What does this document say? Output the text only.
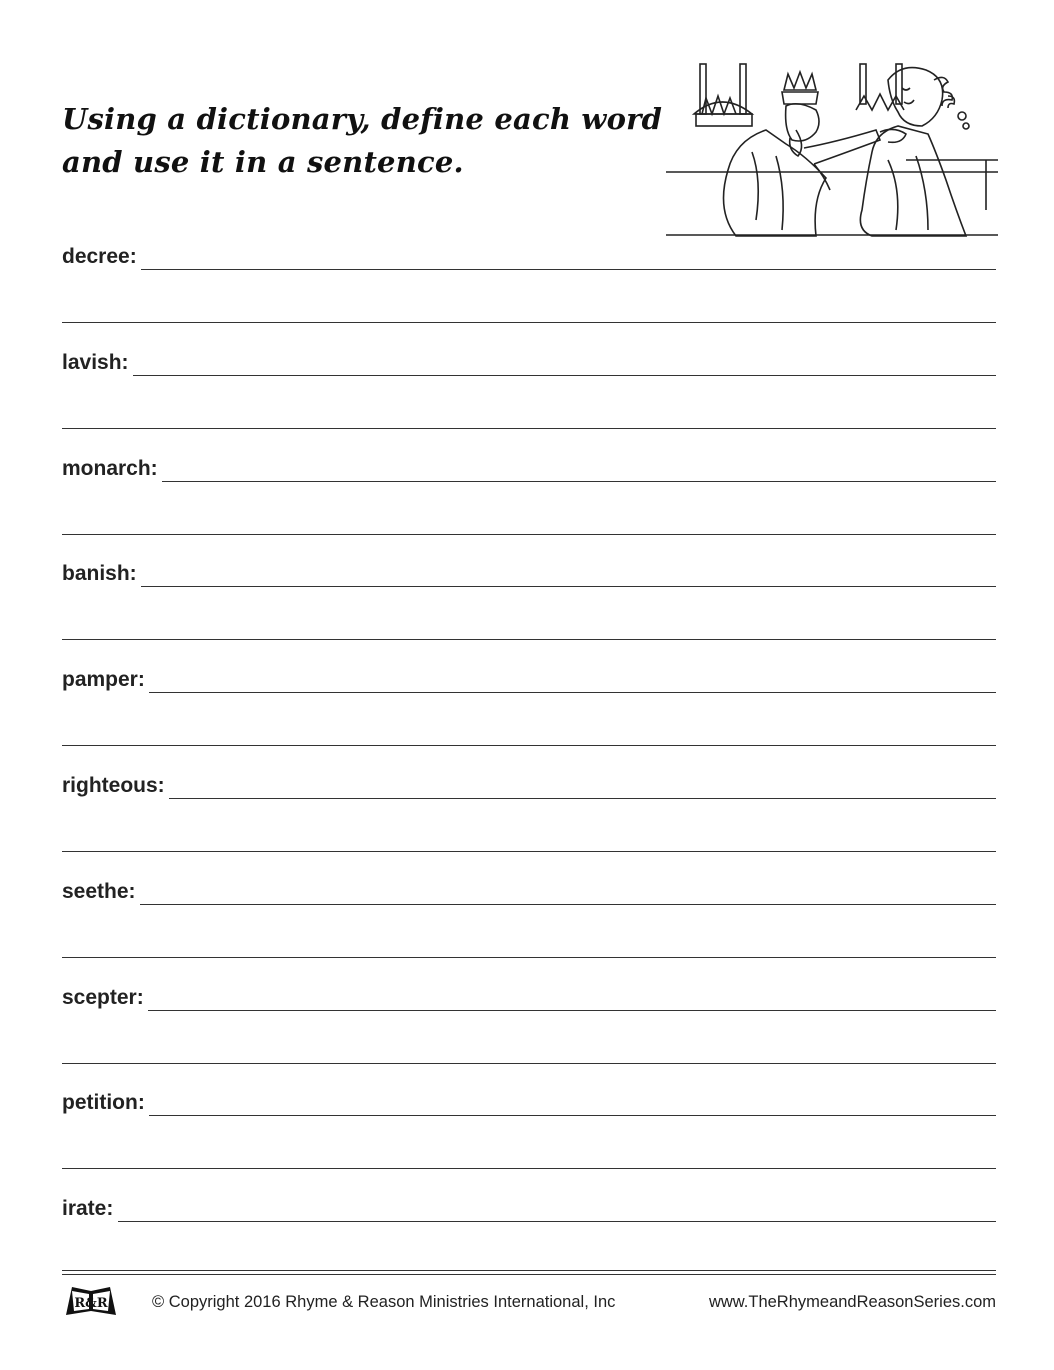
Using a dictionary, define each word
and use it in a sentence.
decree:
lavish:
monarch:
banish:
pamper:
righteous:
seethe:
scepter:
petition:
irate:
R&R	© Copyright 2016 Rhyme & Reason Ministries International, Inc	www.TheRhymeandReasonSeries.com
